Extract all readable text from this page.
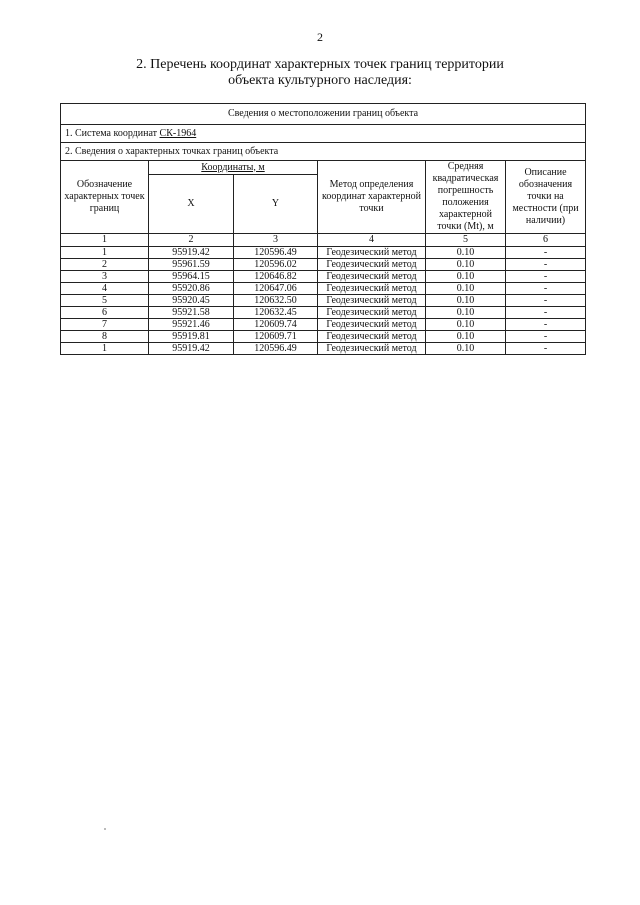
2
2. Перечень координат характерных точек границ территории
объекта культурного наследия:
Сведения о местоположении границ объекта					
1. Система координат СК-1964					
2. Сведения о характерных точках границ объекта					
Обозначение характерных точек границ	Координаты, м		Метод определения координат характерной точки	Средняя квадратическая погрешность положения характерной точки (Mt), м	Описание обозначения точки на местности (при наличии)
	X	Y			
1	2	3	4	5	6
1	95919.42	120596.49	Геодезический метод	0.10	-
2	95961.59	120596.02	Геодезический метод	0.10	-
3	95964.15	120646.82	Геодезический метод	0.10	-
4	95920.86	120647.06	Геодезический метод	0.10	-
5	95920.45	120632.50	Геодезический метод	0.10	-
6	95921.58	120632.45	Геодезический метод	0.10	-
7	95921.46	120609.74	Геодезический метод	0.10	-
8	95919.81	120609.71	Геодезический метод	0.10	-
1	95919.42	120596.49	Геодезический метод	0.10	-
